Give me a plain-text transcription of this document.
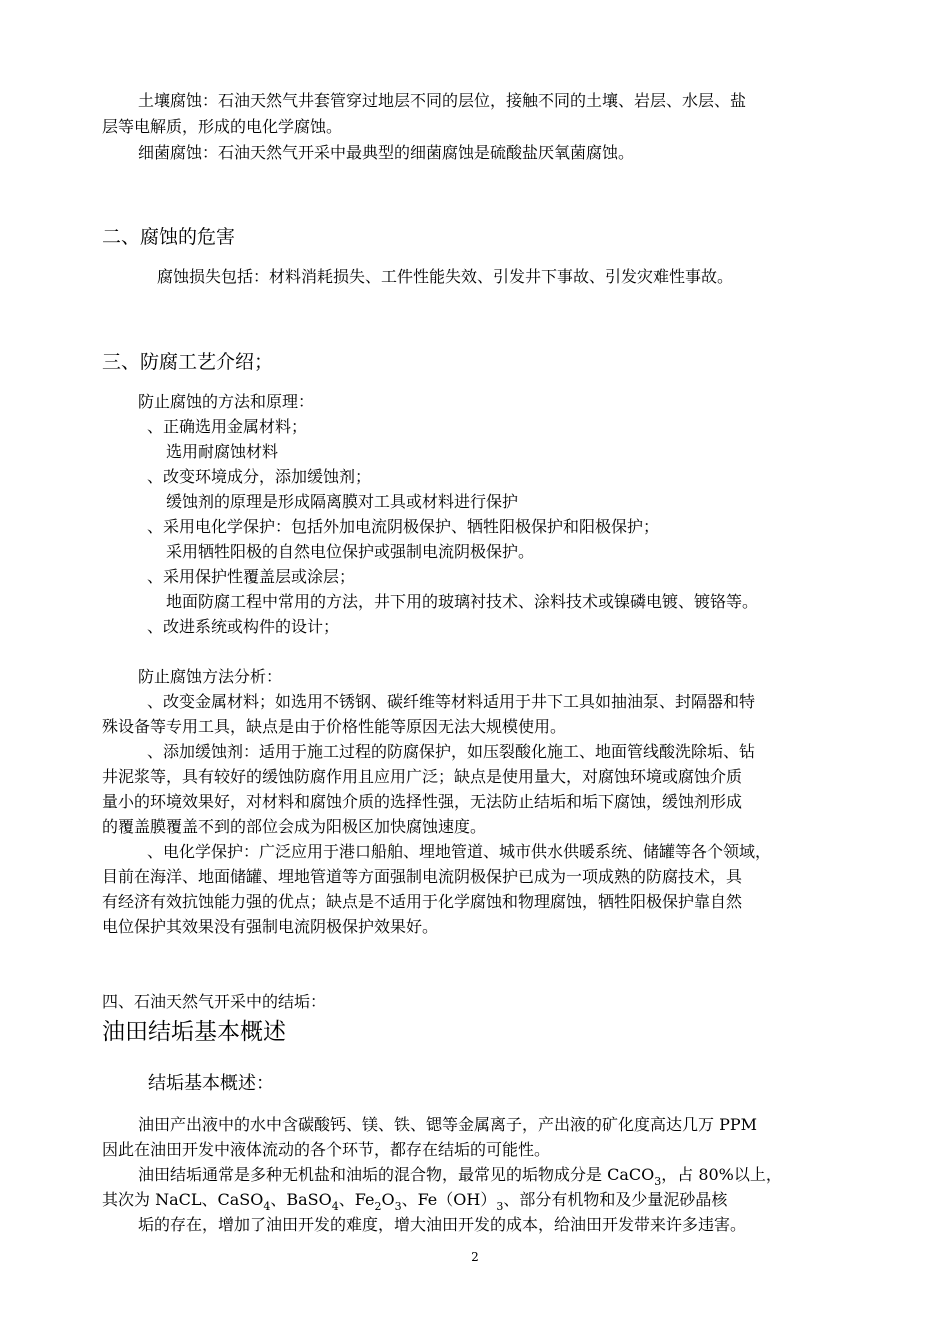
土壤腐蚀：石油天然气井套管穿过地层不同的层位，接触不同的土壤、岩层、水层、盐
层等电解质，形成的电化学腐蚀。
细菌腐蚀：石油天然气开采中最典型的细菌腐蚀是硫酸盐厌氧菌腐蚀。
二、腐蚀的危害
腐蚀损失包括：材料消耗损失、工件性能失效、引发井下事故、引发灾难性事故。
三、防腐工艺介绍；
防止腐蚀的方法和原理：
、正确选用金属材料；
选用耐腐蚀材料
、改变环境成分，添加缓蚀剂；
缓蚀剂的原理是形成隔离膜对工具或材料进行保护
、采用电化学保护：包括外加电流阴极保护、牺牲阳极保护和阳极保护；
采用牺牲阳极的自然电位保护或强制电流阴极保护。
、采用保护性覆盖层或涂层；
地面防腐工程中常用的方法，井下用的玻璃衬技术、涂料技术或镍磷电镀、镀铬等。
、改进系统或构件的设计；
防止腐蚀方法分析：
、改变金属材料；如选用不锈钢、碳纤维等材料适用于井下工具如抽油泵、封隔器和特
殊设备等专用工具，缺点是由于价格性能等原因无法大规模使用。
、添加缓蚀剂：适用于施工过程的防腐保护，如压裂酸化施工、地面管线酸洗除垢、钻
井泥浆等，具有较好的缓蚀防腐作用且应用广泛；缺点是使用量大，对腐蚀环境或腐蚀介质
量小的环境效果好，对材料和腐蚀介质的选择性强，无法防止结垢和垢下腐蚀，缓蚀剂形成
的覆盖膜覆盖不到的部位会成为阳极区加快腐蚀速度。
、电化学保护：广泛应用于港口船舶、埋地管道、城市供水供暖系统、储罐等各个领域，
目前在海洋、地面储罐、埋地管道等方面强制电流阴极保护已成为一项成熟的防腐技术，具
有经济有效抗蚀能力强的优点；缺点是不适用于化学腐蚀和物理腐蚀，牺牲阳极保护靠自然
电位保护其效果没有强制电流阴极保护效果好。
四、石油天然气开采中的结垢：
油田结垢基本概述
结垢基本概述：
油田产出液中的水中含碳酸钙、镁、铁、锶等金属离子，产出液的矿化度高达几万 PPM
因此在油田开发中液体流动的各个环节，都存在结垢的可能性。
油田结垢通常是多种无机盐和油垢的混合物，最常见的垢物成分是 CaCO$_3$，占 80%以上，
其次为 NaCL、CaSO$_4$、BaSO$_4$、$Fe_2O_3$、$Fe(OH)_3$、部分有机物和及少量泥砂晶核
垢的存在，增加了油田开发的难度，增大油田开发的成本，给油田开发带来许多违害。
2
